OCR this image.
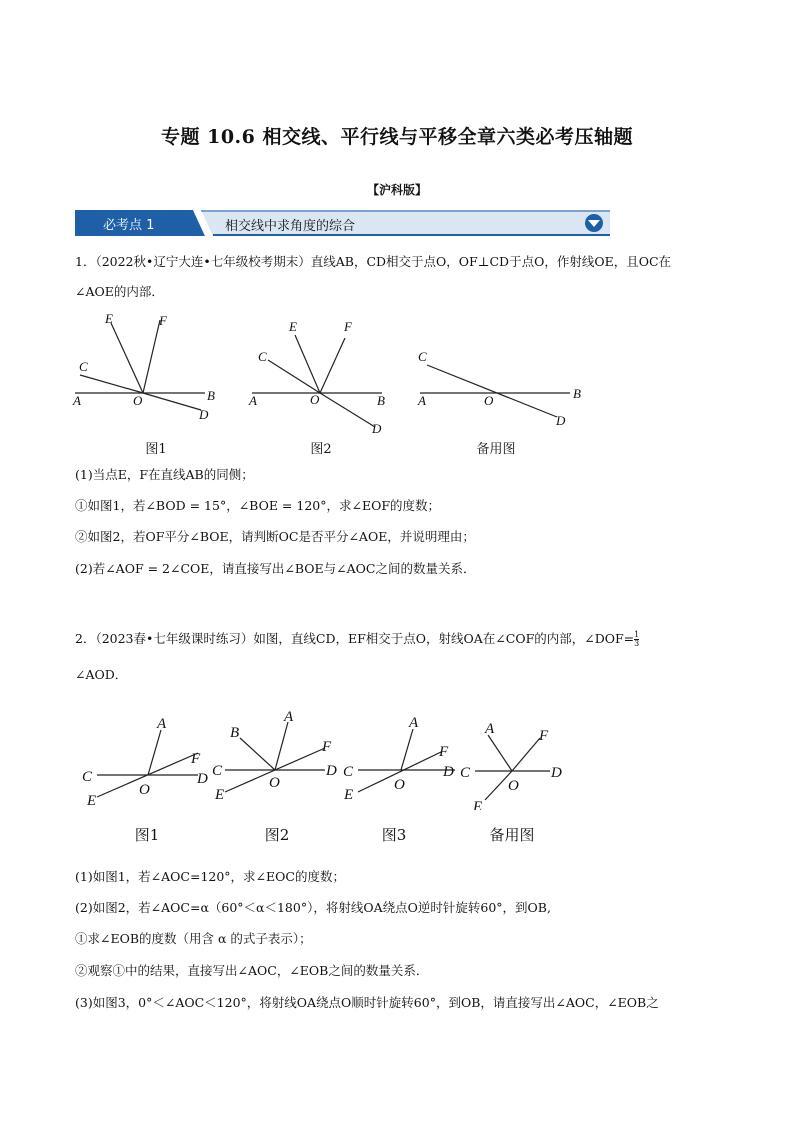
专题 10.6 相交线、平行线与平移全章六类必考压轴题
【沪科版】
必考点 1	相交线中求角度的综合
1．（2022秋•辽宁大连•七年级校考期末）直线AB，CD相交于点O，OF⊥CD于点O，作射线OE，且OC在
∠AOE的内部．
A	B
C
D
E	F
O	A	B
C
D
E	F
O	A	B
C
D
O
图1	图2	备用图
(1)当点E，F在直线AB的同侧；
①如图1，若∠BOD = 15°，∠BOE = 120°，求∠EOF的度数；
②如图2，若OF平分∠BOE，请判断OC是否平分∠AOE，并说明理由；
(2)若∠AOF = 2∠COE，请直接写出∠BOE与∠AOC之间的数量关系．
2．（2023春•七年级课时练习）如图，直线CD，EF相交于点O，射线OA在∠COF的内部，∠DOF= $\frac{1}{3}$
∠AOD．
C	D
E
F
A
O
C	D
E
F
A
B
O
C	D
E
F
A
O
C	D
E
F
A
O
图1	图2	图3	备用图
(1)如图1，若∠AOC=120°，求∠EOC的度数；
(2)如图2，若∠AOC=α（60°＜α＜180°），将射线OA绕点O逆时针旋转60°，到OB,
①求∠EOB的度数（用含 α 的式子表示）；
②观察①中的结果，直接写出∠AOC，∠EOB之间的数量关系．
(3)如图3，0°＜∠AOC＜120°，将射线OA绕点O顺时针旋转60°，到OB，请直接写出∠AOC，∠EOB之
